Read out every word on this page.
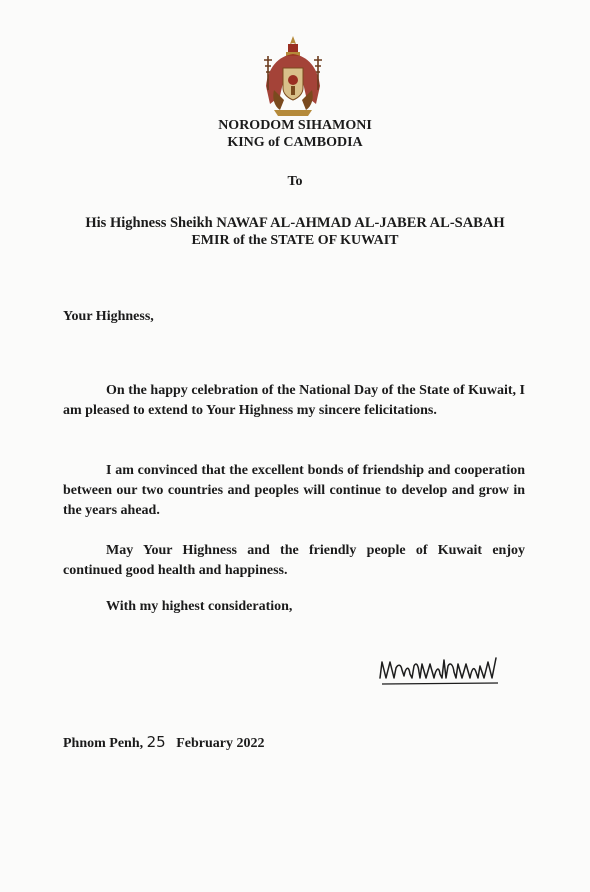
NORODOM SIHAMONI
KING of CAMBODIA
To
His Highness Sheikh NAWAF AL-AHMAD AL-JABER AL-SABAH
EMIR of the STATE OF KUWAIT
Your Highness,
On the happy celebration of the National Day of the State of Kuwait, I am pleased to extend to Your Highness my sincere felicitations.
I am convinced that the excellent bonds of friendship and cooperation between our two countries and peoples will continue to develop and grow in the years ahead.
May Your Highness and the friendly people of Kuwait enjoy continued good health and happiness.
With my highest consideration,
Phnom Penh, 25 February 2022
